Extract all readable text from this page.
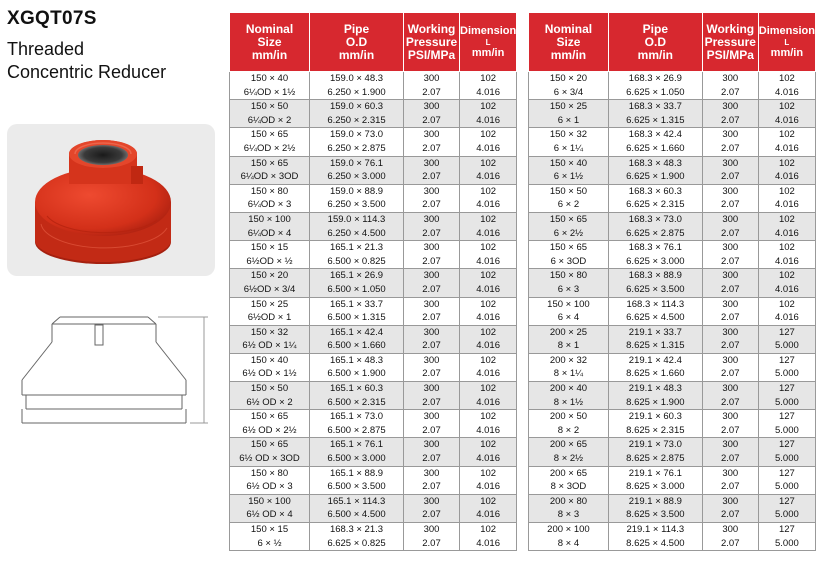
XGQT07S
Threaded
Concentric Reducer
Nominal
Size
mm/in	Pipe
O.D
mm/in	Working
Pressure
PSI/MPa	Dimension
L
mm/in
150 × 40	159.0 × 48.3	300	102
6¼OD × 1½	6.250 × 1.900	2.07	4.016
150 × 50	159.0 × 60.3	300	102
6¼OD × 2	6.250 × 2.315	2.07	4.016
150 × 65	159.0 × 73.0	300	102
6¼OD × 2½	6.250 × 2.875	2.07	4.016
150 × 65	159.0 × 76.1	300	102
6¼OD × 3OD	6.250 × 3.000	2.07	4.016
150 × 80	159.0 × 88.9	300	102
6¼OD × 3	6.250 × 3.500	2.07	4.016
150 × 100	159.0 × 114.3	300	102
6¼OD × 4	6.250 × 4.500	2.07	4.016
150 × 15	165.1 × 21.3	300	102
6½OD × ½	6.500 × 0.825	2.07	4.016
150 × 20	165.1 × 26.9	300	102
6½OD × 3/4	6.500 × 1.050	2.07	4.016
150 × 25	165.1 × 33.7	300	102
6½OD × 1	6.500 × 1.315	2.07	4.016
150 × 32	165.1 × 42.4	300	102
6½ OD × 1¼	6.500 × 1.660	2.07	4.016
150 × 40	165.1 × 48.3	300	102
6½ OD × 1½	6.500 × 1.900	2.07	4.016
150 × 50	165.1 × 60.3	300	102
6½ OD × 2	6.500 × 2.315	2.07	4.016
150 × 65	165.1 × 73.0	300	102
6½ OD × 2½	6.500 × 2.875	2.07	4.016
150 × 65	165.1 × 76.1	300	102
6½ OD × 3OD	6.500 × 3.000	2.07	4.016
150 × 80	165.1 × 88.9	300	102
6½ OD × 3	6.500 × 3.500	2.07	4.016
150 × 100	165.1 × 114.3	300	102
6½ OD × 4	6.500 × 4.500	2.07	4.016
150 × 15	168.3 × 21.3	300	102
6 × ½	6.625 × 0.825	2.07	4.016
Nominal
Size
mm/in	Pipe
O.D
mm/in	Working
Pressure
PSI/MPa	Dimension
L
mm/in
150 × 20	168.3 × 26.9	300	102
6 × 3/4	6.625 × 1.050	2.07	4.016
150 × 25	168.3 × 33.7	300	102
6 × 1	6.625 × 1.315	2.07	4.016
150 × 32	168.3 × 42.4	300	102
6 × 1¼	6.625 × 1.660	2.07	4.016
150 × 40	168.3 × 48.3	300	102
6 × 1½	6.625 × 1.900	2.07	4.016
150 × 50	168.3 × 60.3	300	102
6 × 2	6.625 × 2.315	2.07	4.016
150 × 65	168.3 × 73.0	300	102
6 × 2½	6.625 × 2.875	2.07	4.016
150 × 65	168.3 × 76.1	300	102
6 × 3OD	6.625 × 3.000	2.07	4.016
150 × 80	168.3 × 88.9	300	102
6 × 3	6.625 × 3.500	2.07	4.016
150 × 100	168.3 × 114.3	300	102
6 × 4	6.625 × 4.500	2.07	4.016
200 × 25	219.1 × 33.7	300	127
8 × 1	8.625 × 1.315	2.07	5.000
200 × 32	219.1 × 42.4	300	127
8 × 1¼	8.625 × 1.660	2.07	5.000
200 × 40	219.1 × 48.3	300	127
8 × 1½	8.625 × 1.900	2.07	5.000
200 × 50	219.1 × 60.3	300	127
8 × 2	8.625 × 2.315	2.07	5.000
200 × 65	219.1 × 73.0	300	127
8 × 2½	8.625 × 2.875	2.07	5.000
200 × 65	219.1 × 76.1	300	127
8 × 3OD	8.625 × 3.000	2.07	5.000
200 × 80	219.1 × 88.9	300	127
8 × 3	8.625 × 3.500	2.07	5.000
200 × 100	219.1 × 114.3	300	127
8 × 4	8.625 × 4.500	2.07	5.000
